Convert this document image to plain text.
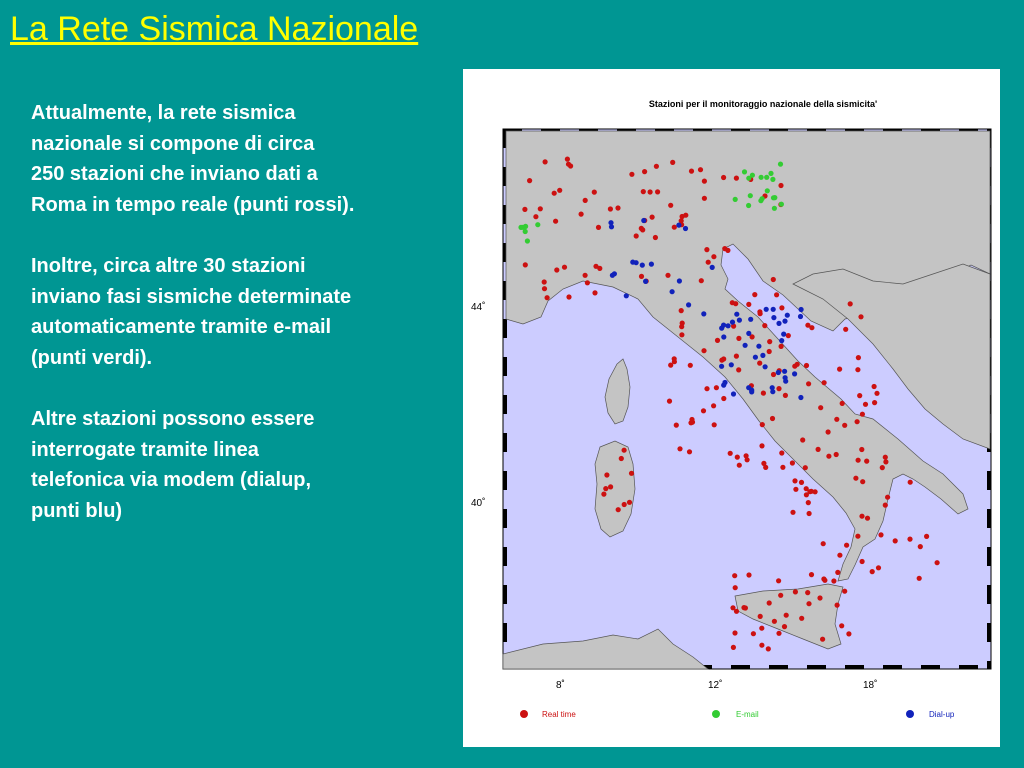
La Rete Sismica Nazionale

Attualmente, la rete sismica
nazionale si compone di circa
250 stazioni che inviano dati a
Roma in tempo reale (punti rossi).

Inoltre, circa altre 30 stazioni
inviano fasi sismiche determinate
automaticamente tramite e-mail
(punti verdi).

Altre stazioni possono essere
interrogate tramite linea
telefonica via modem (dialup,
punti blu)

Stazioni per il monitoraggio nazionale della sismicita'
44˚
40˚
8˚	12˚	18˚
Real time	E-mail	Dial-up
